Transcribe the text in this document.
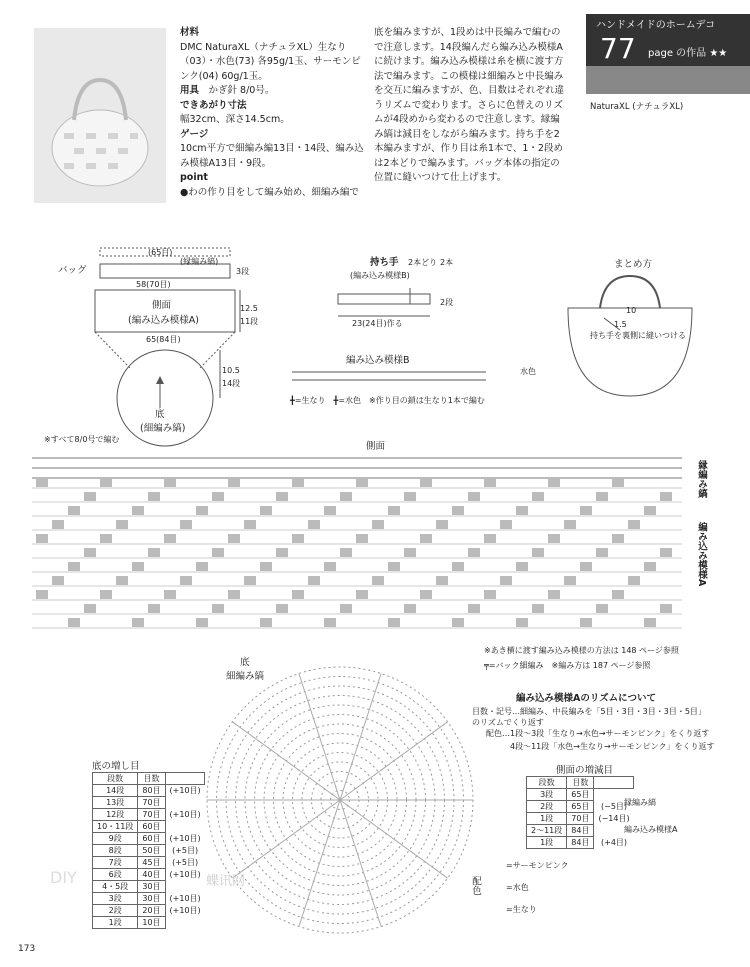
材料
DMC NaturaXL（ナチュラXL）生なり（03）・水色(73) 各95g/1玉、サーモンピンク(04) 60g/1玉。
用具　 かぎ針 8/0号。
できあがり寸法
幅32cm、深さ14.5cm。
ゲージ
10cm平方で細編み編13目・14段、編み込み模様A13目・9段。
point
●わの作り目をして編み始め、細編み編で
底を編みますが、1段めは中長編みで編むので注意します。14段編んだら編み込み模様Aに続けます。編み込み模様は糸を横に渡す方法で編みます。この模様は細編みと中長編みを交互に編みますが、色、目数はそれぞれ違うリズムで変わります。さらに色替えのリズムが4段めから変わるので注意します。縁編み縞は減目をしながら編みます。持ち手を2本編みますが、作り目は糸1本で、1・2段めは2本どりで編みます。バッグ本体の指定の位置に縫いつけて仕上げます。
ハンドメイドのホームデコ
77 page の作品 ★★
NaturaXL (ナチュラXL)
バッグ
(65目)
(縁編み縞)
3段
58(70目)
側面
(編み込み模様A)
12.5
11段
65(84目)
10.5
14段
底
(細編み縞)
※すべて8/0号で編む
持ち手 2本どり 2本
(編み込み模様B)
2段
23(24目)作る
まとめ方
10
1.5
持ち手を裏側に縫いつける
編み込み模様B
水色
╋=生なり　╋=水色　※作り目の鎖は生なり1本で編む
側面
縁編み縞
編み込み模様A
※あき横に渡す編み込み模様の方法は 148 ページ参照
╤=バック細編み　※編み方は 187 ページ参照
底
細編み縞
編み込み模様Aのリズムについて
目数・記号…細編み、中長編みを「5目・3目・3目・3目・5目」のリズムでくり返す
配色…1段～3段「生なり→水色→サーモンピンク」をくり返す
4段～11段「水色→生なり→サーモンピンク」をくり返す
底の増し目
段数	目数	
14段	80目	(+10目)
13段	70目	
12段	70目	(+10目)
10・11段	60目	
9段	60目	(+10目)
8段	50目	(+5目)
7段	45目	(+5目)
6段	40目	(+10目)
4・5段	30目	
3段	30目	(+10目)
2段	20目	(+10目)
1段	10目	
側面の増減目
段数	目数	
3段	65目	
2段	65目	(−5目)
1段	70目	(−14目)
2〜11段	84目	
1段	84目	(+4目)
縁編み縞
編み込み模様A
配色
=サーモンピンク
=水色
=生なり
DIY	蝶讯网
173
